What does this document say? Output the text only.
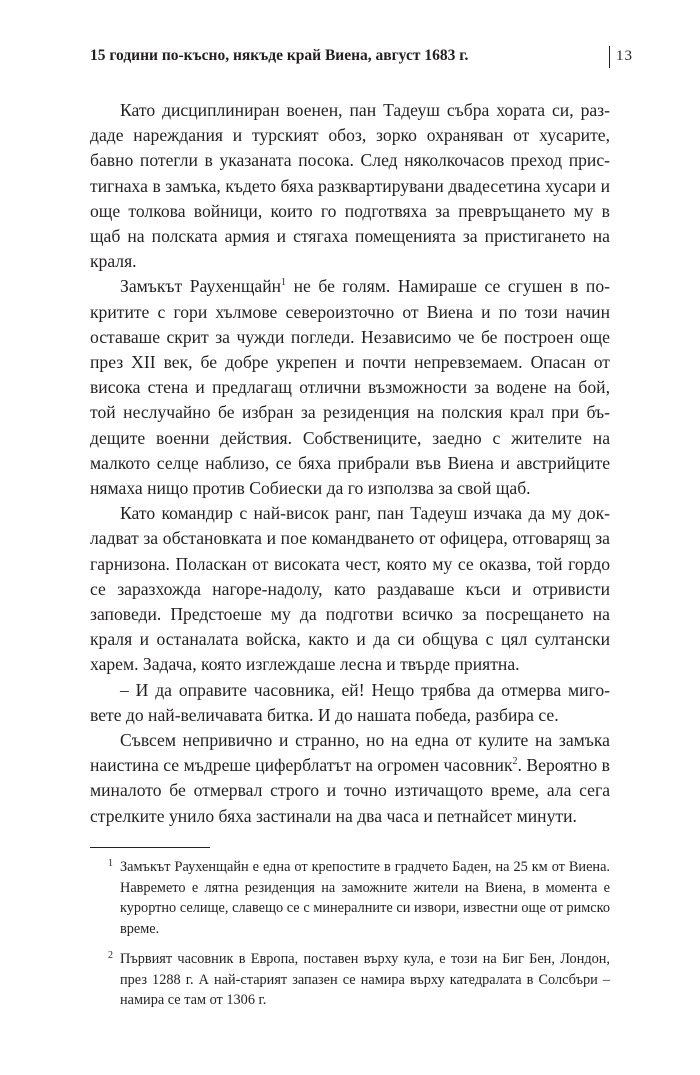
15 години по-късно, някъде край Виена, август 1683 г.	13

Като дисциплиниран военен, пан Тадеуш събра хората си, раздаде нареждания и турският обоз, зорко охраняван от хусарите, бавно потегли в указаната посока. След няколкочасов преход пристигнаха в замъка, където бяха разквартирувани двадесетина хусари и още толкова войници, които го подготвяха за превръщането му в щаб на полската армия и стягаха помещенията за пристигането на краля.

Замъкът Раухенщайн$^1$ не бе голям. Намираше се сгушен в покритите с гори хълмове североизточно от Виена и по този начин оставаше скрит за чужди погледи. Независимо че бе построен още през XII век, бе добре укрепен и почти непревземаем. Опасан от висока стена и предлагащ отлични възможности за водене на бой, той неслучайно бе избран за резиденция на полския крал при бъдещите военни действия. Собствениците, заедно с жителите на малкото селце наблизо, се бяха прибрали във Виена и австрийците нямаха нищо против Собиески да го използва за свой щаб.

Като командир с най-висок ранг, пан Тадеуш изчака да му докладват за обстановката и пое командването от офицера, отговарящ за гарнизона. Поласкан от високата чест, която му се оказва, той гордо се заразхожда нагоре-надолу, като раздаваше къси и отривисти заповеди. Предстоеше му да подготви всичко за посрещането на краля и останалата войска, както и да си общува с цял султански харем. Задача, която изглеждаше лесна и твърде приятна.

– И да оправите часовника, ей! Нещо трябва да отмерва миговете до най-величавата битка. И до нашата победа, разбира се.

Съвсем непривично и странно, но на една от кулите на замъка наистина се мъдреше циферблатът на огромен часовник$^2$. Вероятно в миналото бе отмервал строго и точно изтичащото време, ала сега стрелките унило бяха застинали на два часа и петнайсет минути.

1 Замъкът Раухенщайн е една от крепостите в градчето Баден, на 25 км от Виена. Навремето е лятна резиденция на заможните жители на Виена, в момента е курортно селище, славещо се с минералните си извори, известни още от римско време.
2 Първият часовник в Европа, поставен върху кула, е този на Биг Бен, Лондон, през 1288 г. А най-старият запазен се намира върху катедралата в Солсбъри – намира се там от 1306 г.
